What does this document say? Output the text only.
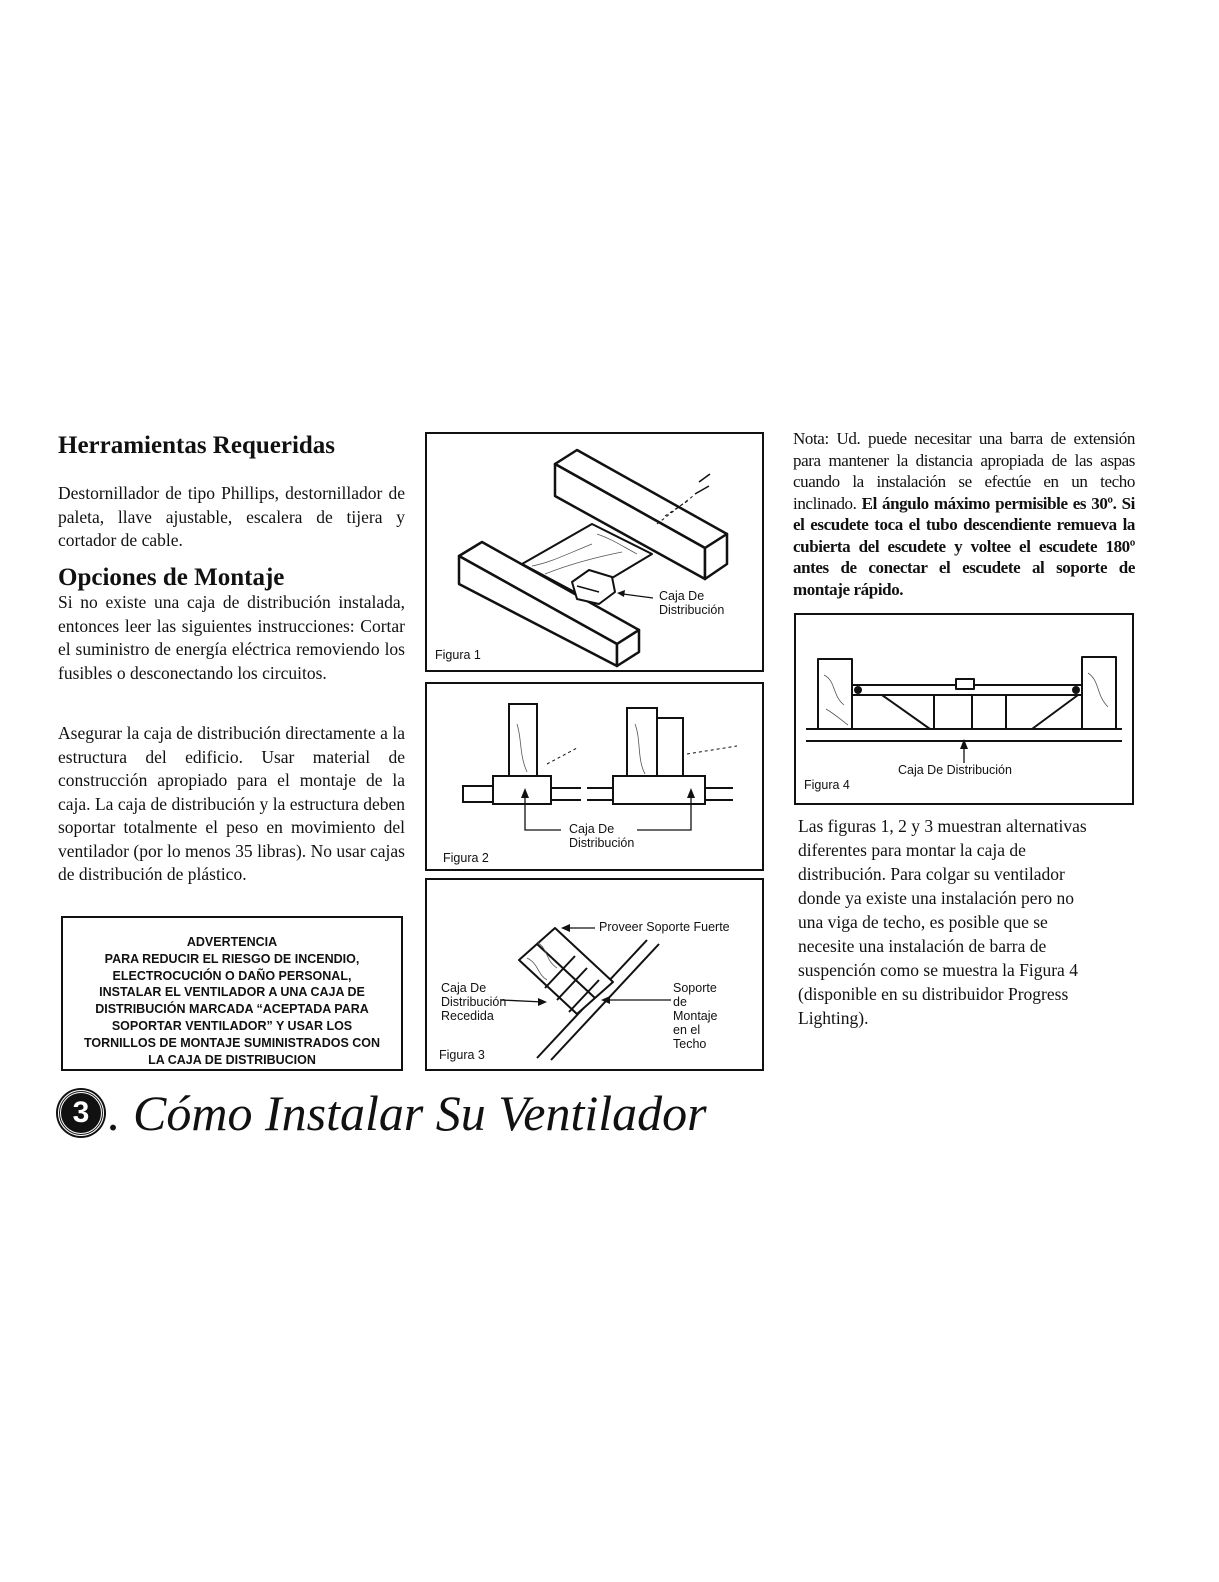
Herramientas Requeridas

Destornillador de tipo Phillips, destornillador de paleta, llave ajustable, escalera de tijera y cortador de cable.

Opciones de Montaje

Si no existe una caja de distribución instalada, entonces leer las siguientes instrucciones: Cortar el suministro de energía eléctrica removiendo los fusibles o desconectando los circuitos.

Asegurar la caja de distribución directamente a la estructura del edificio. Usar material de construcción apropiado para el montaje de la caja. La caja de distribución y la estructura deben soportar totalmente el peso en movimiento del ventilador (por lo menos 35 libras). No usar cajas de distribución de plástico.

ADVERTENCIA
PARA REDUCIR EL RIESGO DE INCENDIO,
ELECTROCUCIÓN O DAÑO PERSONAL,
INSTALAR EL VENTILADOR A UNA CAJA DE
DISTRIBUCIÓN MARCADA “ACEPTADA PARA
SOPORTAR VENTILADOR” Y USAR LOS
TORNILLOS DE MONTAJE SUMINISTRADOS CON
LA CAJA DE DISTRIBUCION
Caja De
Distribución
Figura 1
Caja De
Distribución
Figura 2
Proveer Soporte Fuerte
Caja De
Distribución
Recedida
Soporte
de
Montaje
en el
Techo
Figura 3
Nota: Ud. puede necesitar una barra de extensión para mantener la distancia apropiada de las aspas cuando la instalación se efectúe en un techo inclinado. El ángulo máximo permisible es 30º. Si el escudete toca el tubo descendiente remueva la cubierta del escudete y voltee el escudete 180º antes de conectar el escudete al soporte de montaje rápido.
Caja De Distribución
Figura 4
Las figuras 1, 2 y 3 muestran alternativas
diferentes para montar la caja de
distribución. Para colgar su ventilador
donde ya existe una instalación pero no
una viga de techo, es posible que se
necesite una instalación de barra de
suspención como se muestra la Figura 4
(disponible en su distribuidor Progress
Lighting).
3 . Cómo Instalar Su Ventilador
